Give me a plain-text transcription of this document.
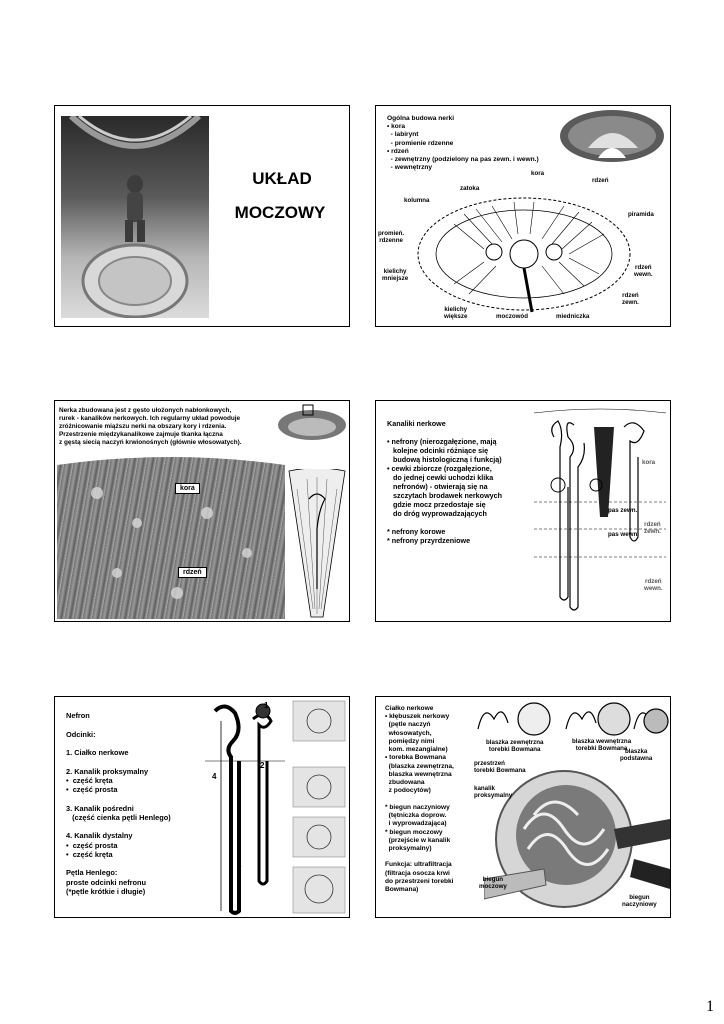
UKŁAD
MOCZOWY
Ogólna budowa nerki
• kora
- labirynt
- promienie rdzenne
• rdzeń
- zewnętrzny (podzielony na pas zewn. i wewn.)
- wewnętrzny
kora
rdzeń
zatoka
kolumna
piramida
promień.
rdzenne
rdzeń
wewn.
kielichy
mniejsze
rdzeń
zewn.
kielichy
większe	moczowód	miedniczka
Nerka zbudowana jest z gęsto ułożonych nabłonkowych,
rurek - kanalików nerkowych. Ich regularny układ powoduje
zróżnicowanie miąższu nerki na obszary kory i rdzenia.
Przestrzenie międzykanalikowe zajmuje tkanka łączna
z gęstą siecią naczyń krwionośnych (głównie włosowatych).
kora
rdzeń
Kanaliki nerkowe

• nefrony (nierozgałęzione, mają
kolejne odcinki różniące się
budową histologiczną i funkcją)
• cewki zbiorcze (rozgałęzione,
do jednej cewki uchodzi klika
nefronów) - otwierają się na
szczytach brodawek nerkowych
gdzie mocz przedostaje się
do dróg wyprowadzających

* nefrony korowe
* nefrony przyrdzeniowe
kora
pas zewn.
rdzeń
zewn.
pas wewn.
rdzeń
wewn.
Nefron

Odcinki:

1. Ciałko nerkowe

2. Kanalik proksymalny
•  część kręta
•  część prosta

3. Kanalik pośredni
(część cienka pętli Henlego)

4. Kanalik dystalny
•  część prosta
•  część kręta

Pętla Henlego:
proste odcinki nefronu
(*pętle krótkie i długie)
1
2
3
4
Ciałko nerkowe
• kłębuszek nerkowy
(pętle naczyń
włosowatych,
pomiędzy nimi
kom. mezangialne)
• torebka Bowmana
(blaszka zewnętrzna,
blaszka wewnętrzna
zbudowana
z podocytów)

* biegun naczyniowy
(tętniczka doprow.
i wyprowadzająca)
* biegun moczowy
(przejście w kanalik
proksymalny)

Funkcja: ultrafiltracja
(filtracja osocza krwi
do przestrzeni torebki
Bowmana)
blaszka zewnętrzna
torebki Bowmana
blaszka wewnętrzna
torebki Bowmana
blaszka
podstawna
przestrzeń
torebki Bowmana
kanalik
proksymalny
biegun
moczowy
biegun
naczyniowy
1
